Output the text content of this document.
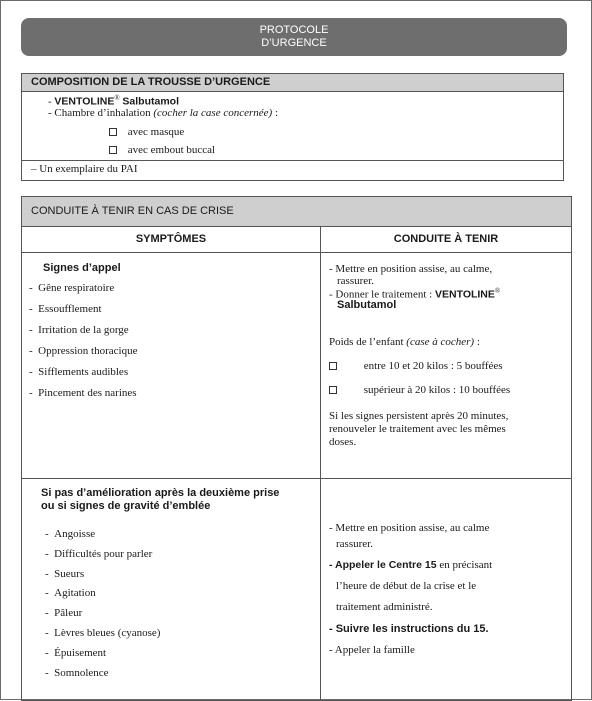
PROTOCOLE
D’URGENCE
COMPOSITION DE LA TROUSSE D’URGENCE
- VENTOLINE® Salbutamol
- Chambre d’inhalation (cocher la case concernée) :
avec masque
avec embout buccal
– Un exemplaire du PAI
CONDUITE À TENIR EN CAS DE CRISE
SYMPTÔMES	CONDUITE À TENIR
Signes d’appel
-  Gêne respiratoire
-  Essoufflement
-  Irritation de la gorge
-  Oppression thoracique
-  Sifflements audibles
-  Pincement des narines
- Mettre en position assise, au calme,
rassurer.
- Donner le traitement : VENTOLINE®
Salbutamol
Poids de l’enfant (case à cocher) :
entre 10 et 20 kilos : 5 bouffées
supérieur à 20 kilos : 10 bouffées
Si les signes persistent après 20 minutes,
renouveler le traitement avec les mêmes
doses.
Si pas d’amélioration après la deuxième prise
ou si signes de gravité d’emblée
-  Angoisse
-  Difficultés pour parler
-  Sueurs
-  Agitation
-  Pâleur
-  Lèvres bleues (cyanose)
-  Épuisement
-  Somnolence
- Mettre en position assise, au calme
rassurer.
- Appeler le Centre 15 en précisant
l’heure de début de la crise et le
traitement administré.
- Suivre les instructions du 15.
- Appeler la famille
